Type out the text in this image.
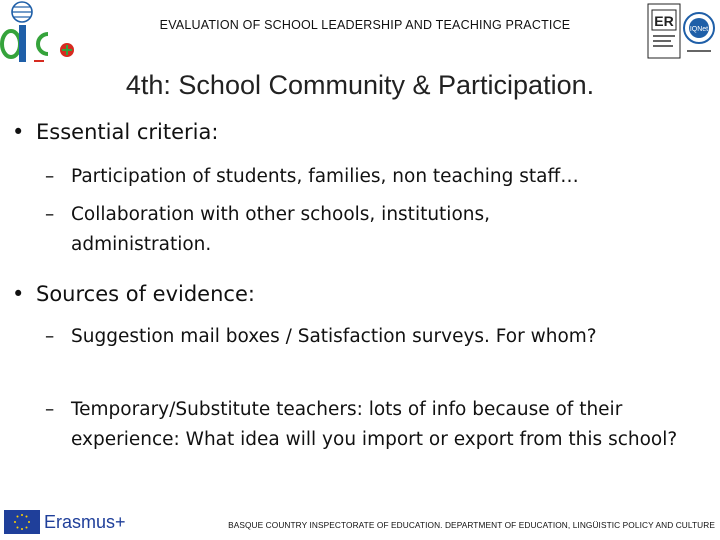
EVALUATION OF SCHOOL LEADERSHIP AND TEACHING PRACTICE	ER
IQNet
4th: School Community & Participation.
• Essential criteria:
– Participation of students, families, non teaching staff…
– Collaboration with other schools, institutions, administration.
• Sources of evidence:
– Suggestion mail boxes / Satisfaction surveys. For whom?
– Temporary/Substitute teachers: lots of info because of their experience: What idea will you import or export from this school?
Erasmus+	BASQUE COUNTRY INSPECTORATE OF EDUCATION. DEPARTMENT OF EDUCATION, LINGÜISTIC POLICY AND CULTURE
